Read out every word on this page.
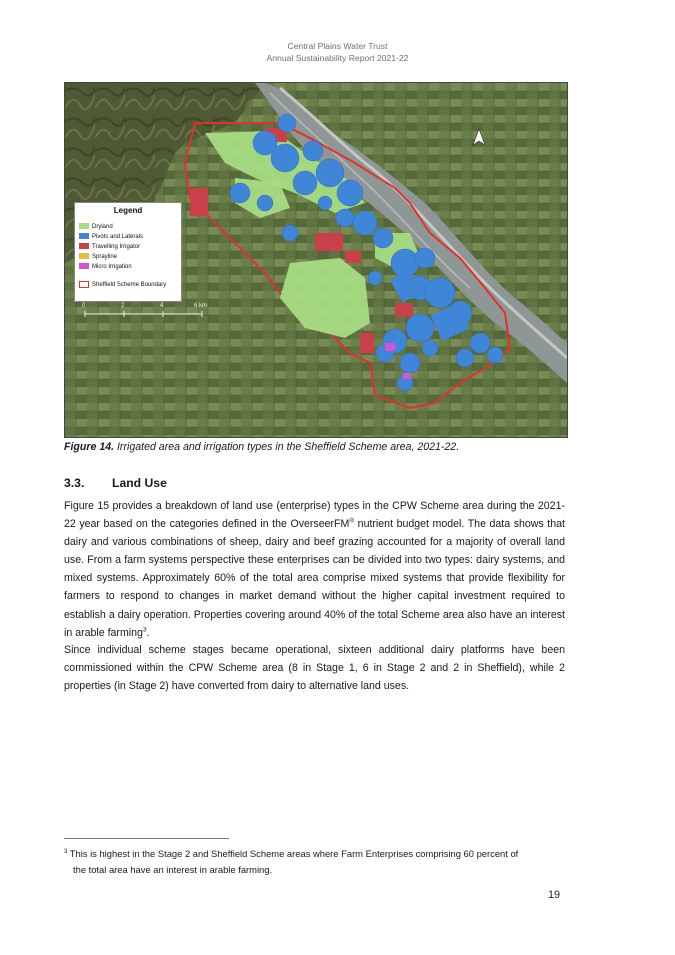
Central Plains Water Trust
Annual Sustainability Report 2021-22
Legend
Dryland
Pivots and Laterals
Travelling Irrigator
Sprayline
Micro Irrigation
Sheffield Scheme Boundary
0	2	4	6 km
Figure 14. Irrigated area and irrigation types in the Sheffield Scheme area, 2021-22.
3.3. Land Use

Figure 15 provides a breakdown of land use (enterprise) types in the CPW Scheme area during the 2021-22 year based on the categories defined in the OverseerFM® nutrient budget model. The data shows that dairy and various combinations of sheep, dairy and beef grazing accounted for a majority of overall land use. From a farm systems perspective these enterprises can be divided into two types: dairy systems, and mixed systems. Approximately 60% of the total area comprise mixed systems that provide flexibility for farmers to respond to changes in market demand without the higher capital investment required to establish a dairy operation. Properties covering around 40% of the total Scheme area also have an interest in arable farming$^3$.

Since individual scheme stages became operational, sixteen additional dairy platforms have been commissioned within the CPW Scheme area (8 in Stage 1, 6 in Stage 2 and 2 in Sheffield), while 2 properties (in Stage 2) have converted from dairy to alternative land uses.

$^3$ This is highest in the Stage 2 and Sheffield Scheme areas where Farm Enterprises comprising 60 percent of
the total area have an interest in arable farming.

19
